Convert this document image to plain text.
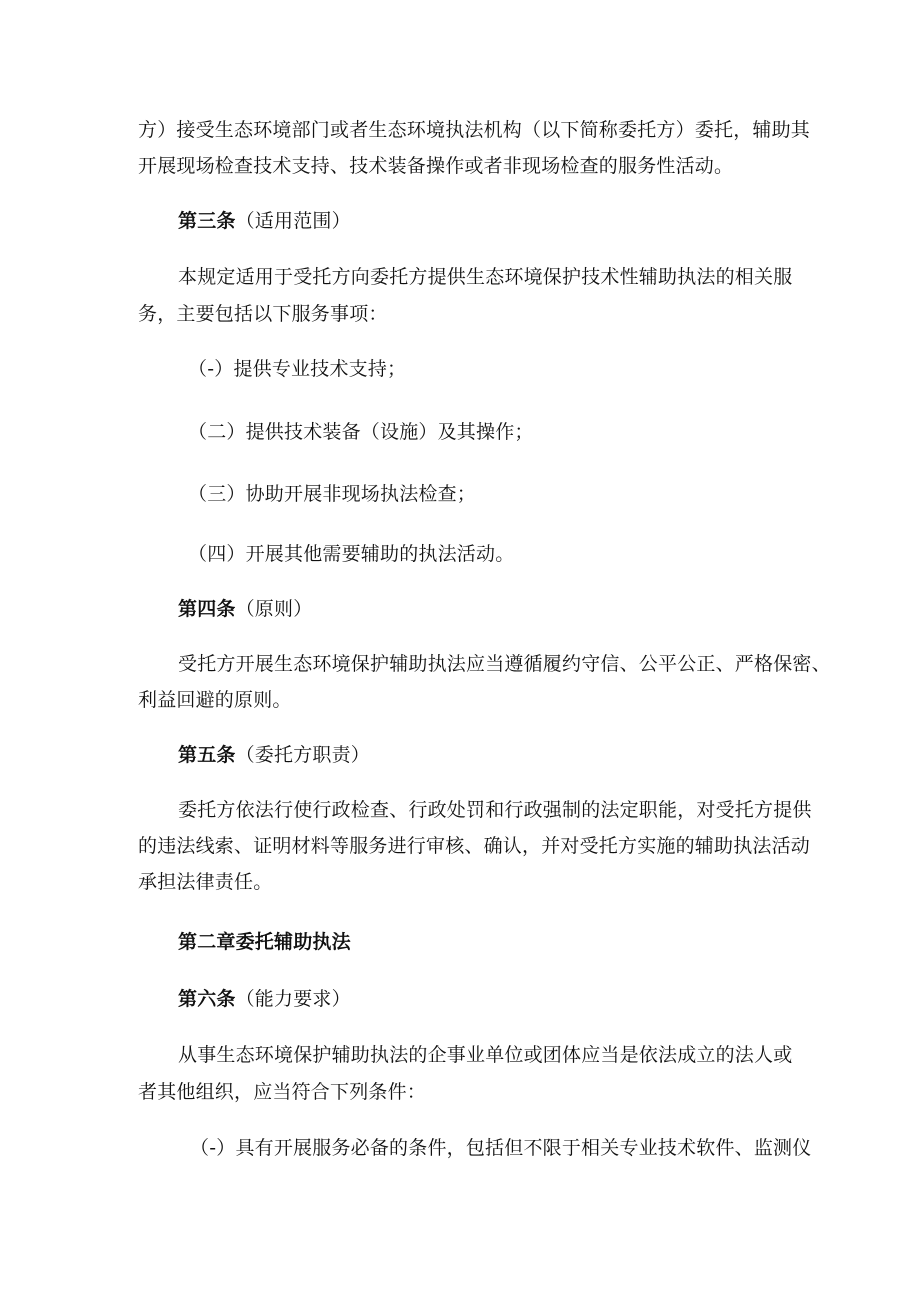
方）接受生态环境部门或者生态环境执法机构（以下简称委托方）委托，辅助其
开展现场检查技术支持、技术装备操作或者非现场检查的服务性活动。
第三条（适用范围）
本规定适用于受托方向委托方提供生态环境保护技术性辅助执法的相关服
务，主要包括以下服务事项：
（-）提供专业技术支持；
（二）提供技术装备（设施）及其操作；
（三）协助开展非现场执法检查；
（四）开展其他需要辅助的执法活动。
第四条（原则）
受托方开展生态环境保护辅助执法应当遵循履约守信、公平公正、严格保密、
利益回避的原则。
第五条（委托方职责）
委托方依法行使行政检查、行政处罚和行政强制的法定职能，对受托方提供
的违法线索、证明材料等服务进行审核、确认，并对受托方实施的辅助执法活动
承担法律责任。
第二章委托辅助执法
第六条（能力要求）
从事生态环境保护辅助执法的企事业单位或团体应当是依法成立的法人或
者其他组织，应当符合下列条件：
（-）具有开展服务必备的条件，包括但不限于相关专业技术软件、监测仪
